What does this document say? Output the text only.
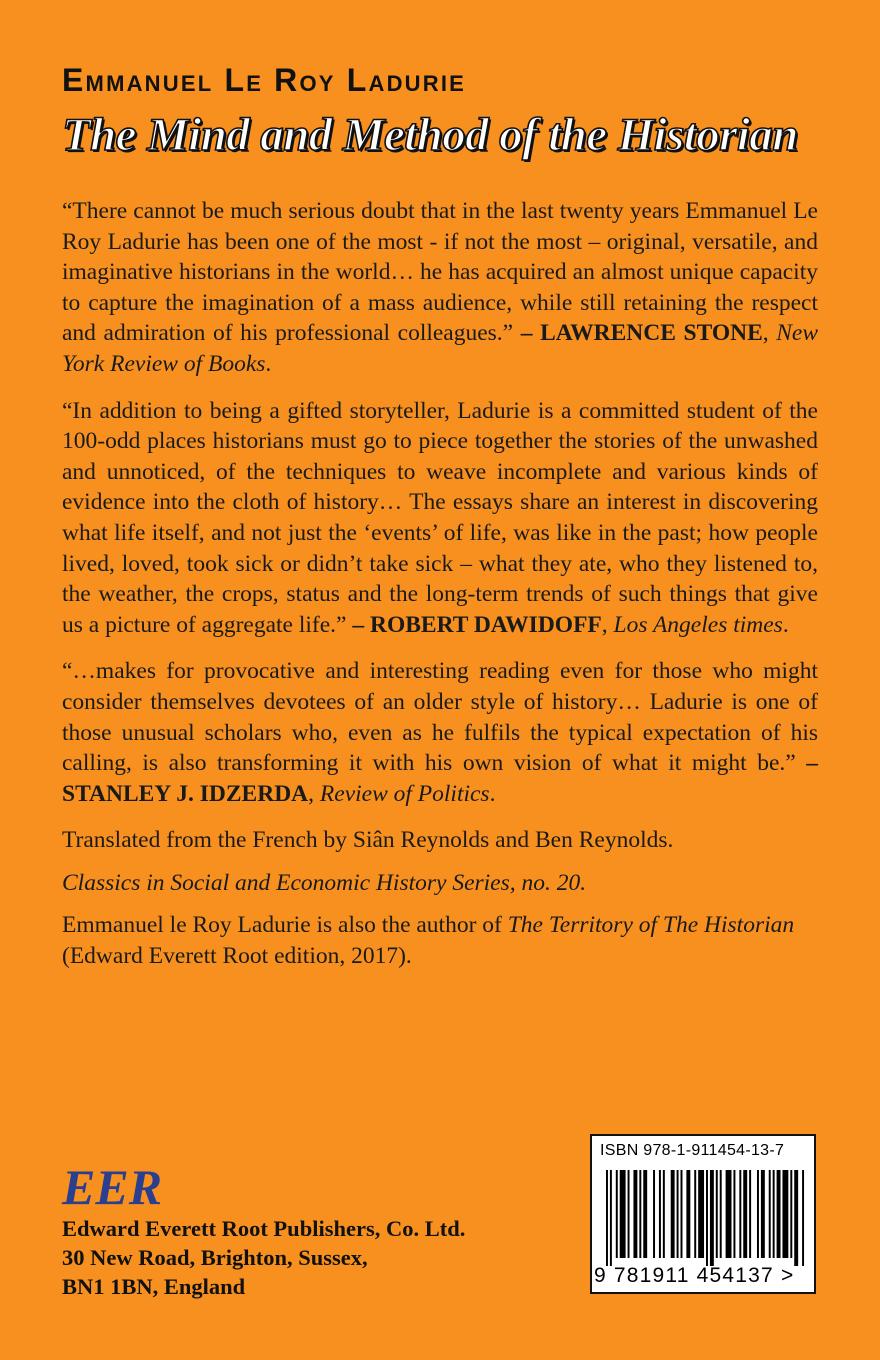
Emmanuel Le Roy Ladurie
The Mind and Method of the Historian

“There cannot be much serious doubt that in the last twenty years Emmanuel Le Roy Ladurie has been one of the most - if not the most – original, versatile, and imaginative historians in the world… he has acquired an almost unique capacity to capture the imagination of a mass audience, while still retaining the respect and admiration of his professional colleagues.” – LAWRENCE STONE, New York Review of Books.

“In addition to being a gifted storyteller, Ladurie is a committed student of the 100-odd places historians must go to piece together the stories of the unwashed and unnoticed, of the techniques to weave incomplete and various kinds of evidence into the cloth of history… The essays share an interest in discovering what life itself, and not just the ‘events’ of life, was like in the past; how people lived, loved, took sick or didn’t take sick – what they ate, who they listened to, the weather, the crops, status and the long-term trends of such things that give us a picture of aggregate life.” – ROBERT DAWIDOFF, Los Angeles times.

“…makes for provocative and interesting reading even for those who might consider themselves devotees of an older style of history… Ladurie is one of those unusual scholars who, even as he fulfils the typical expectation of his calling, is also transforming it with his own vision of what it might be.” – STANLEY J. IDZERDA, Review of Politics.

Translated from the French by Siân Reynolds and Ben Reynolds.

Classics in Social and Economic History Series, no. 20.

Emmanuel le Roy Ladurie is also the author of The Territory of The Historian (Edward Everett Root edition, 2017).

EER

Edward Everett Root Publishers, Co. Ltd.

30 New Road, Brighton, Sussex,

BN1 1BN, England

ISBN 978-1-911454-13-7
9 781911 454137 >
